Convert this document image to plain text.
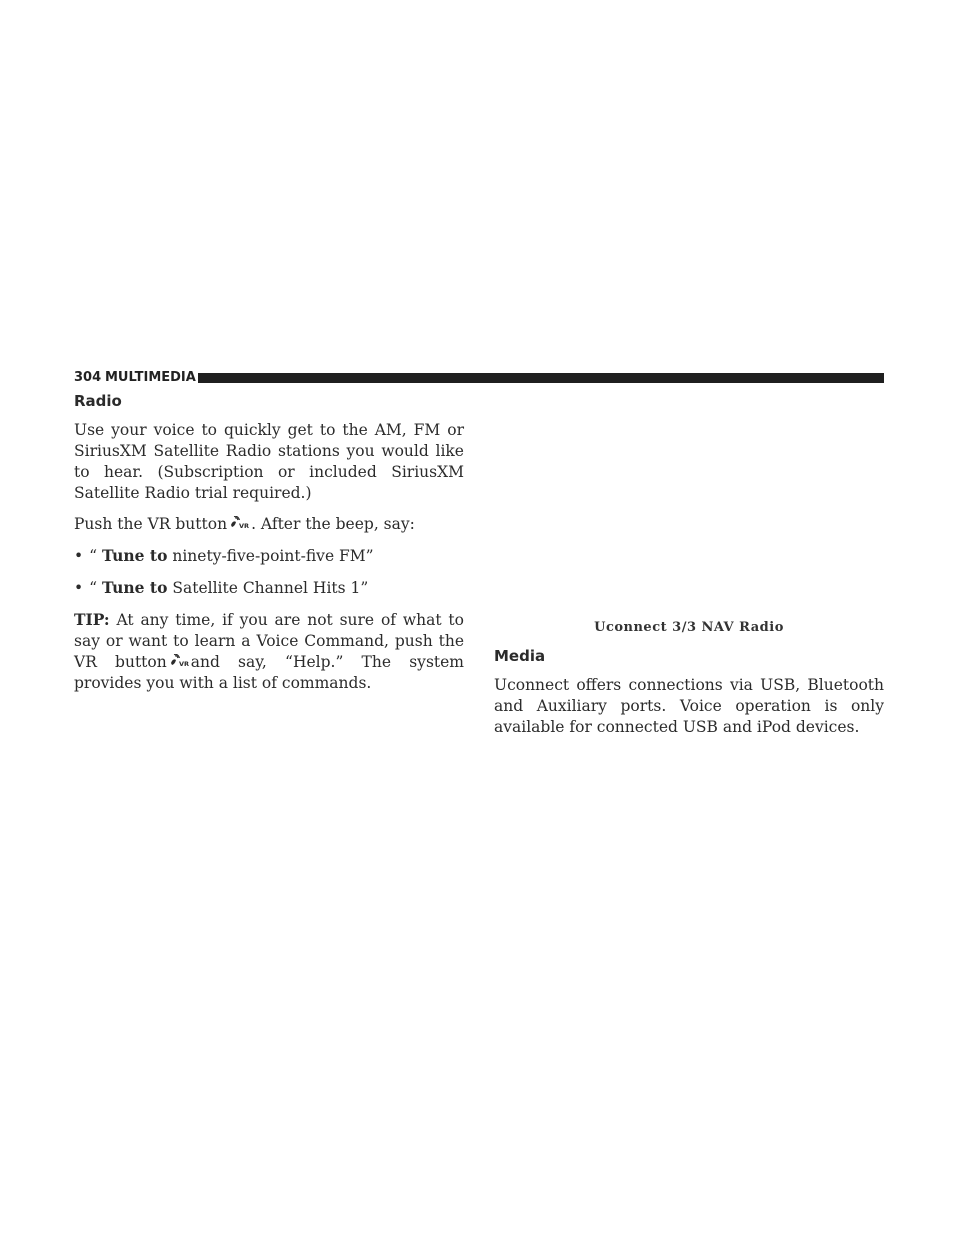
304 MULTIMEDIA
Radio

Use your voice to quickly get to the AM, FM or SiriusXM Satellite Radio stations you would like to hear. (Subscription or included SiriusXM Satellite Radio trial required.)

Push the VR button VR . After the beep, say:

• “ Tune to ninety-five-point-five FM”
• “ Tune to Satellite Channel Hits 1”

TIP: At any time, if you are not sure of what to say or want to learn a Voice Command, push the VR button VR and say, “Help.” The system provides you with a list of commands.

Uconnect 3/3 NAV Radio
Media

Uconnect offers connections via USB, Bluetooth and Auxiliary ports. Voice operation is only available for connected USB and iPod devices.
